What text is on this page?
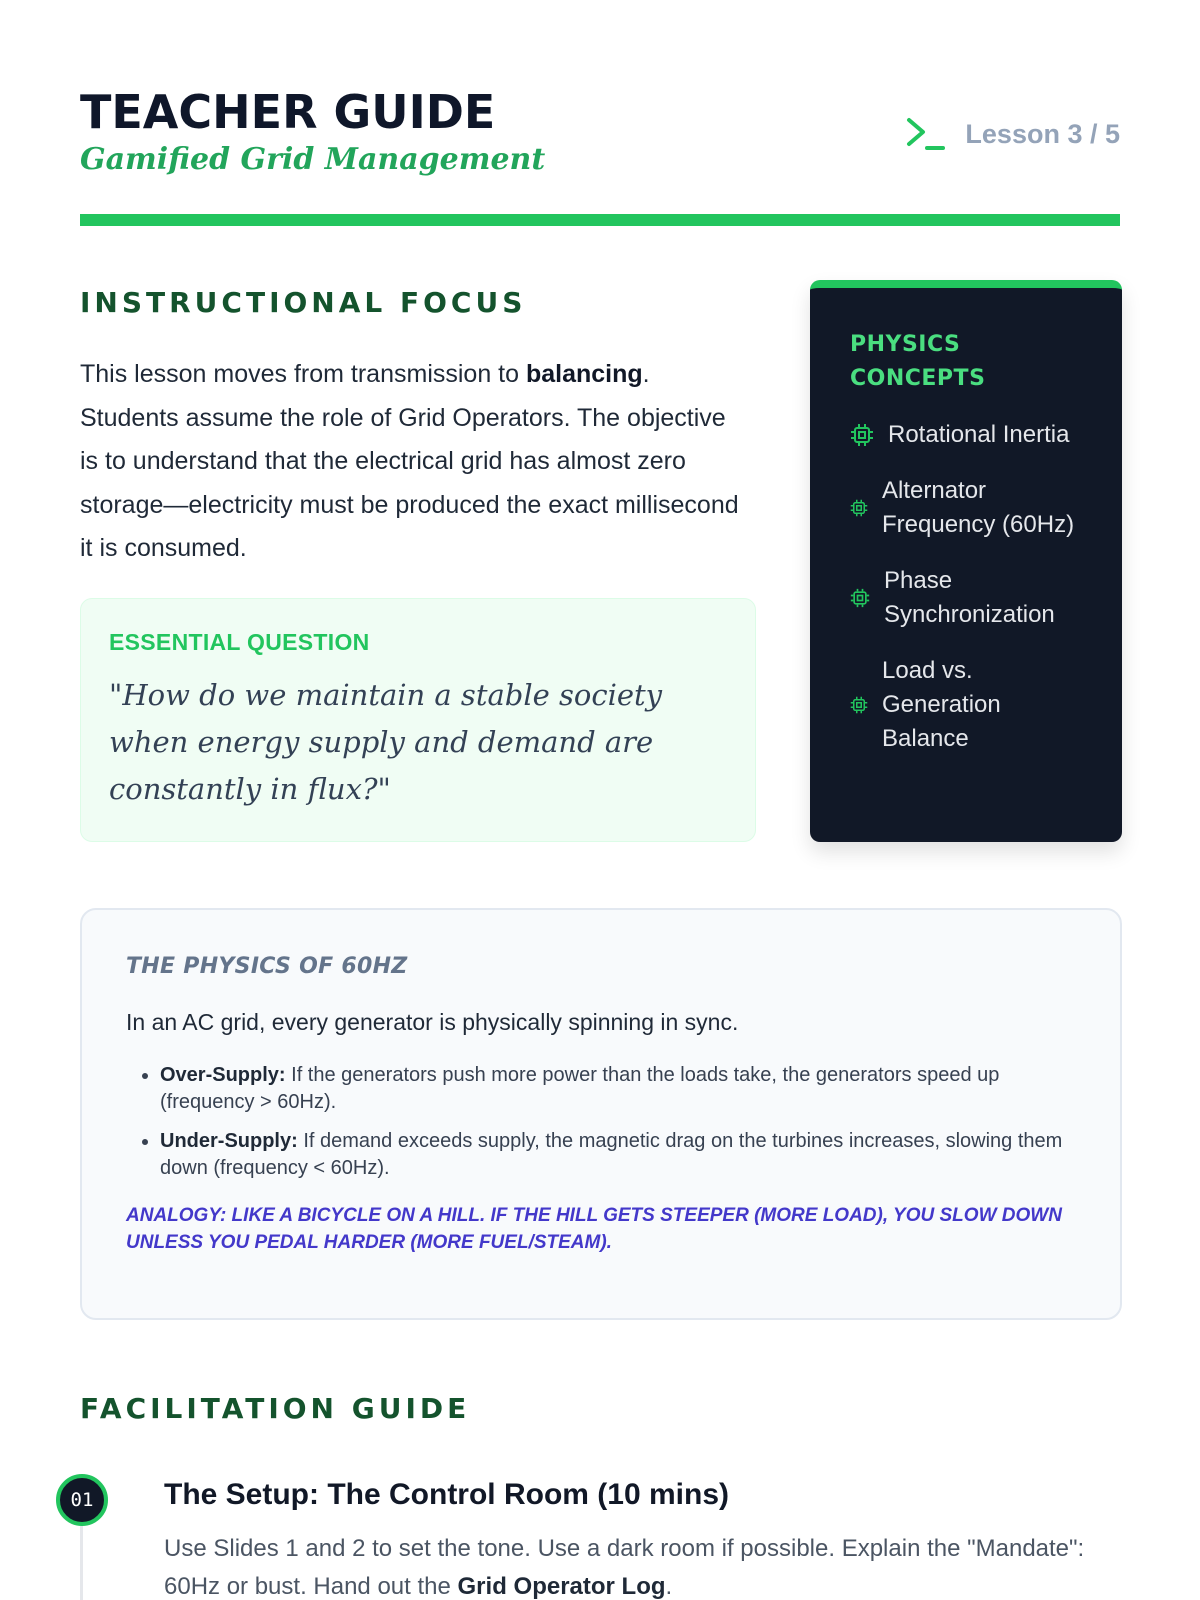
TEACHER GUIDE
Gamified Grid Management
Lesson 3 / 5
INSTRUCTIONAL FOCUS

This lesson moves from transmission to balancing. Students assume the role of Grid Operators. The objective is to understand that the electrical grid has almost zero storage—electricity must be produced the exact millisecond it is consumed.

ESSENTIAL QUESTION
"How do we maintain a stable society when energy supply and demand are constantly in flux?"
PHYSICS CONCEPTS
Rotational Inertia
Alternator Frequency (60Hz)
Phase Synchronization
Load vs. Generation Balance
THE PHYSICS OF 60HZ

In an AC grid, every generator is physically spinning in sync.

• Over-Supply: If the generators push more power than the loads take, the generators speed up (frequency > 60Hz).
• Under-Supply: If demand exceeds supply, the magnetic drag on the turbines increases, slowing them down (frequency < 60Hz).

ANALOGY: LIKE A BICYCLE ON A HILL. IF THE HILL GETS STEEPER (MORE LOAD), YOU SLOW DOWN UNLESS YOU PEDAL HARDER (MORE FUEL/STEAM).

FACILITATION GUIDE
01	The Setup: The Control Room (10 mins)

Use Slides 1 and 2 to set the tone. Use a dark room if possible. Explain the "Mandate": 60Hz or bust. Hand out the Grid Operator Log.
